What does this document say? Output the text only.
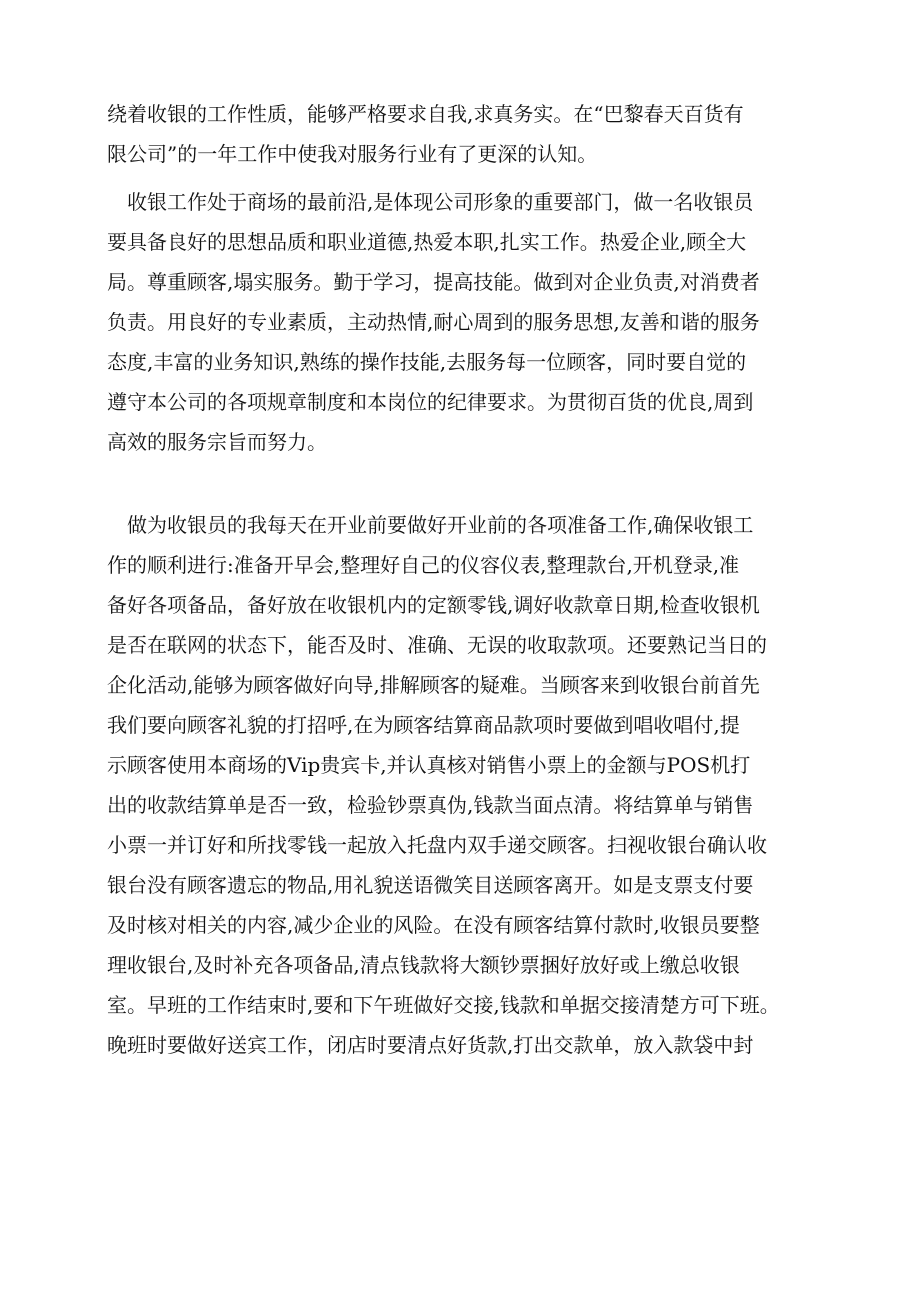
绕着收银的工作性质，能够严格要求自我,求真务实。在“巴黎春天百货有
限公司”的一年工作中使我对服务行业有了更深的认知。
收银工作处于商场的最前沿,是体现公司形象的重要部门，做一名收银员
要具备良好的思想品质和职业道德,热爱本职,扎实工作。热爱企业,顾全大
局。尊重顾客,塌实服务。勤于学习，提高技能。做到对企业负责,对消费者
负责。用良好的专业素质，主动热情,耐心周到的服务思想,友善和谐的服务
态度,丰富的业务知识,熟练的操作技能,去服务每一位顾客，同时要自觉的
遵守本公司的各项规章制度和本岗位的纪律要求。为贯彻百货的优良,周到
高效的服务宗旨而努力。
做为收银员的我每天在开业前要做好开业前的各项准备工作,确保收银工
作的顺利进行:准备开早会,整理好自己的仪容仪表,整理款台,开机登录,准
备好各项备品，备好放在收银机内的定额零钱,调好收款章日期,检查收银机
是否在联网的状态下，能否及时、准确、无误的收取款项。还要熟记当日的
企化活动,能够为顾客做好向导,排解顾客的疑难。当顾客来到收银台前首先
我们要向顾客礼貌的打招呼,在为顾客结算商品款项时要做到唱收唱付,提
示顾客使用本商场的Vip贵宾卡,并认真核对销售小票上的金额与POS机打
出的收款结算单是否一致，检验钞票真伪,钱款当面点清。将结算单与销售
小票一并订好和所找零钱一起放入托盘内双手递交顾客。扫视收银台确认收
银台没有顾客遗忘的物品,用礼貌送语微笑目送顾客离开。如是支票支付要
及时核对相关的内容,减少企业的风险。在没有顾客结算付款时,收银员要整
理收银台,及时补充各项备品,清点钱款将大额钞票捆好放好或上缴总收银
室。早班的工作结束时,要和下午班做好交接,钱款和单据交接清楚方可下班。
晚班时要做好送宾工作，闭店时要清点好货款,打出交款单，放入款袋中封
